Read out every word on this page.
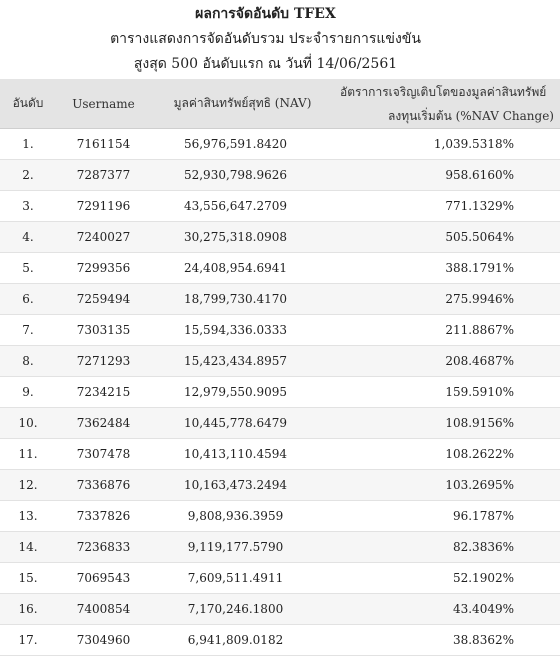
ผลการจัดอันดับ TFEX
ตารางแสดงการจัดอันดับรวม ประจำรายการแข่งขัน
สูงสุด 500 อันดับแรก ณ วันที่ 14/06/2561
อันดับ	Username	มูลค่าสินทรัพย์สุทธิ (NAV)	อัตราการเจริญเติบโตของมูลค่าสินทรัพย์
ลงทุนเริ่มต้น (%NAV Change)

1.	7161154	56,976,591.8420	1,039.5318%
2.	7287377	52,930,798.9626	958.6160%
3.	7291196	43,556,647.2709	771.1329%
4.	7240027	30,275,318.0908	505.5064%
5.	7299356	24,408,954.6941	388.1791%
6.	7259494	18,799,730.4170	275.9946%
7.	7303135	15,594,336.0333	211.8867%
8.	7271293	15,423,434.8957	208.4687%
9.	7234215	12,979,550.9095	159.5910%
10.	7362484	10,445,778.6479	108.9156%
11.	7307478	10,413,110.4594	108.2622%
12.	7336876	10,163,473.2494	103.2695%
13.	7337826	9,808,936.3959	96.1787%
14.	7236833	9,119,177.5790	82.3836%
15.	7069543	7,609,511.4911	52.1902%
16.	7400854	7,170,246.1800	43.4049%
17.	7304960	6,941,809.0182	38.8362%
